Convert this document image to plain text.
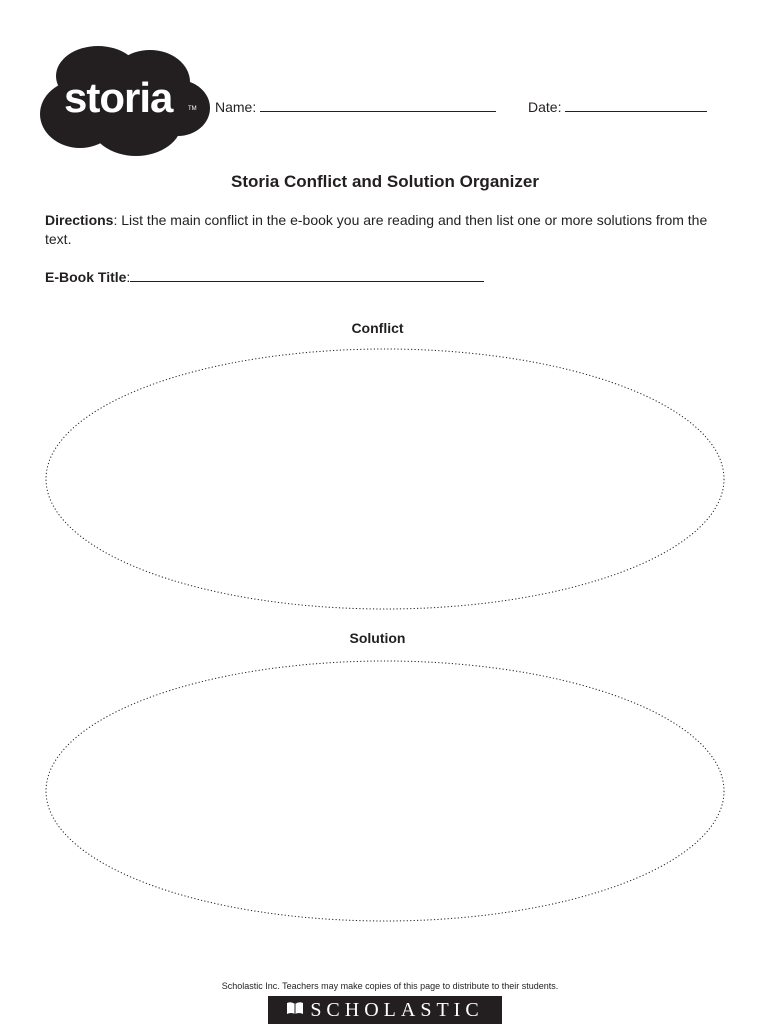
storia	TM Name:	Date:
Storia Conflict and Solution Organizer
Directions: List the main conflict in the e-book you are reading and then list one or more solutions from the text.
E-Book Title:
Conflict
Solution
Scholastic Inc. Teachers may make copies of this page to distribute to their students.
SCHOLASTIC
